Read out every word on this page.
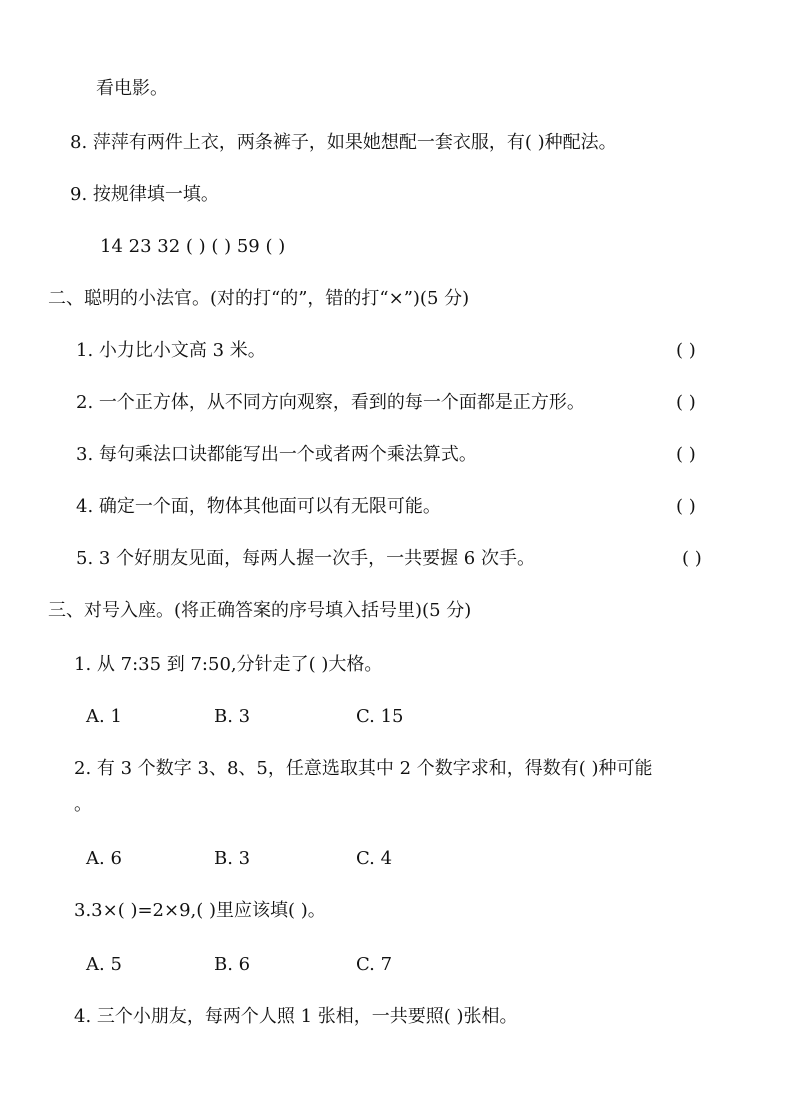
看电影。
8. 萍萍有两件上衣，两条裤子，如果她想配一套衣服，有( )种配法。
9. 按规律填一填。
14 23 32 ( ) ( ) 59 ( )
二、聪明的小法官。(对的打“的”，错的打“×”)(5 分)
1. 小力比小文高 3 米。	( )
2. 一个正方体，从不同方向观察，看到的每一个面都是正方形。	( )
3. 每句乘法口诀都能写出一个或者两个乘法算式。	( )
4. 确定一个面，物体其他面可以有无限可能。	( )
5. 3 个好朋友见面，每两人握一次手，一共要握 6 次手。	( )
三、对号入座。(将正确答案的序号填入括号里)(5 分)
1. 从 7:35 到 7:50,分针走了( )大格。
A. 1	B. 3	C. 15
2. 有 3 个数字 3、8、5，任意选取其中 2 个数字求和，得数有( )种可能
。
A. 6	B. 3	C. 4
3.3×( )=2×9,( )里应该填( )。
A. 5	B. 6	C. 7
4. 三个小朋友，每两个人照 1 张相，一共要照( )张相。
